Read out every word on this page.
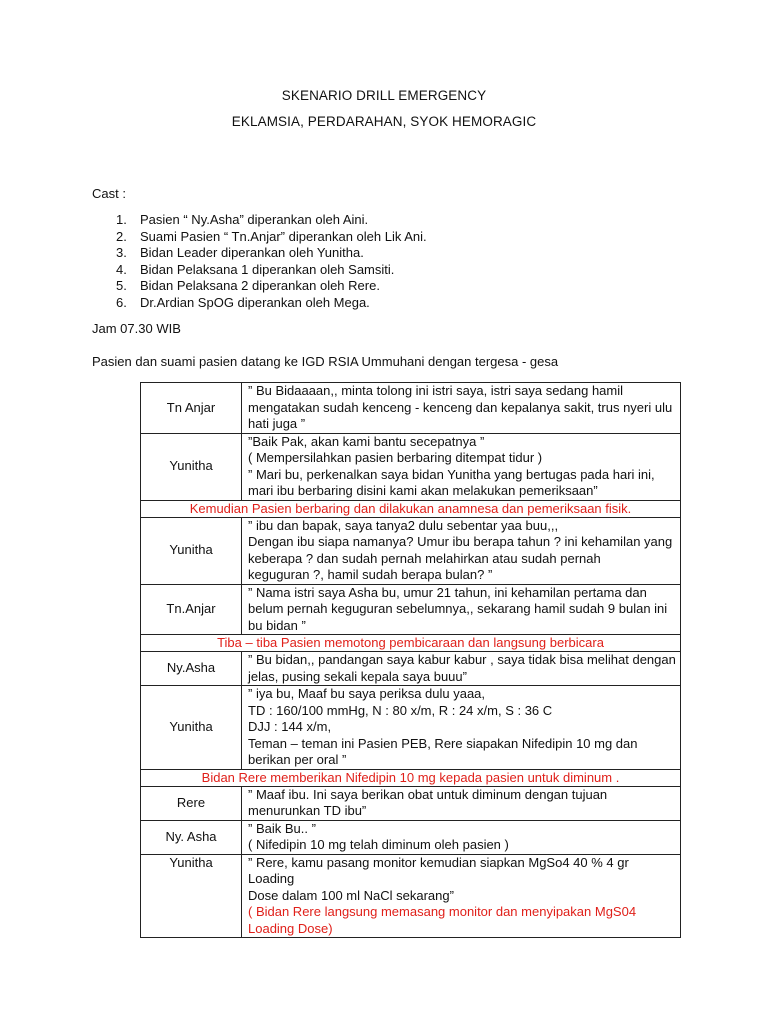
SKENARIO DRILL EMERGENCY
EKLAMSIA, PERDARAHAN, SYOK HEMORAGIC
Cast :
1. Pasien “ Ny.Asha” diperankan oleh Aini.
2. Suami Pasien “ Tn.Anjar” diperankan oleh Lik Ani.
3. Bidan Leader diperankan oleh Yunitha.
4. Bidan Pelaksana 1 diperankan oleh Samsiti.
5. Bidan Pelaksana 2 diperankan oleh Rere.
6. Dr.Ardian SpOG diperankan oleh Mega.
Jam 07.30 WIB
Pasien dan suami pasien datang ke IGD RSIA Ummuhani dengan tergesa - gesa
Tn Anjar	” Bu Bidaaaan,, minta tolong ini istri saya, istri saya sedang hamil
mengatakan sudah kenceng - kenceng dan kepalanya sakit, trus nyeri ulu
hati juga ”

Yunitha	”Baik Pak, akan kami bantu secepatnya ”
( Mempersilahkan pasien berbaring ditempat tidur )
” Mari bu, perkenalkan saya bidan Yunitha yang bertugas pada hari ini,
mari ibu berbaring disini kami akan melakukan pemeriksaan”

Kemudian Pasien berbaring dan dilakukan anamnesa dan pemeriksaan fisik.	
Yunitha	” ibu dan bapak, saya tanya2 dulu sebentar yaa buu,,,
Dengan ibu siapa namanya? Umur ibu berapa tahun ? ini kehamilan yang
keberapa ? dan sudah pernah melahirkan atau sudah pernah
keguguran ?, hamil sudah berapa bulan? ”

Tn.Anjar	” Nama istri saya Asha bu, umur 21 tahun, ini kehamilan pertama dan
belum pernah keguguran sebelumnya,, sekarang hamil sudah 9 bulan ini
bu bidan ”

Tiba – tiba Pasien memotong pembicaraan dan langsung berbicara	
Ny.Asha	” Bu bidan,, pandangan saya kabur kabur , saya tidak bisa melihat dengan
jelas, pusing sekali kepala saya buuu”

Yunitha	” iya bu, Maaf bu saya periksa dulu yaaa,
TD : 160/100 mmHg, N : 80 x/m, R : 24 x/m, S : 36 C
DJJ : 144 x/m,
Teman – teman ini Pasien PEB, Rere siapakan Nifedipin 10 mg dan
berikan per oral ”

Bidan Rere memberikan Nifedipin 10 mg kepada pasien untuk diminum .	
Rere	” Maaf ibu. Ini saya berikan obat untuk diminum dengan tujuan
menurunkan TD ibu”

Ny. Asha	” Baik Bu.. ”
( Nifedipin 10 mg telah diminum oleh pasien )

Yunitha	” Rere, kamu pasang monitor kemudian siapkan MgSo4 40 % 4 gr Loading
Dose dalam 100 ml NaCl sekarang”
( Bidan Rere langsung memasang monitor dan menyipakan MgS04
Loading Dose)
